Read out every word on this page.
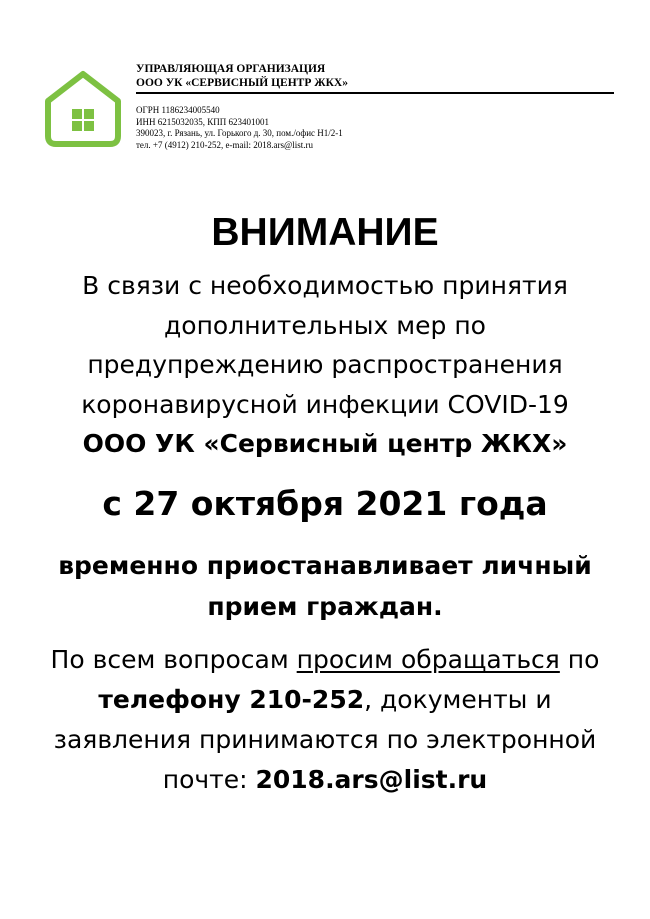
УПРАВЛЯЮЩАЯ ОРГАНИЗАЦИЯ

ООО УК «СЕРВИСНЫЙ ЦЕНТР ЖКХ»

ОГРН 1186234005540
ИНН 6215032035, КПП 623401001
390023, г. Рязань, ул. Горького д. 30, пом./офис Н1/2-1
тел. +7 (4912) 210-252, e-mail: 2018.ars@list.ru
ВНИМАНИЕ
В связи с необходимостью принятия
дополнительных мер по
предупреждению распространения
коронавирусной инфекции COVID-19
ООО УК «Сервисный центр ЖКХ»
с 27 октября 2021 года
временно приостанавливает личный
прием граждан.
По всем вопросам просим обращаться по
телефону 210-252, документы и
заявления принимаются по электронной
почте: 2018.ars@list.ru
